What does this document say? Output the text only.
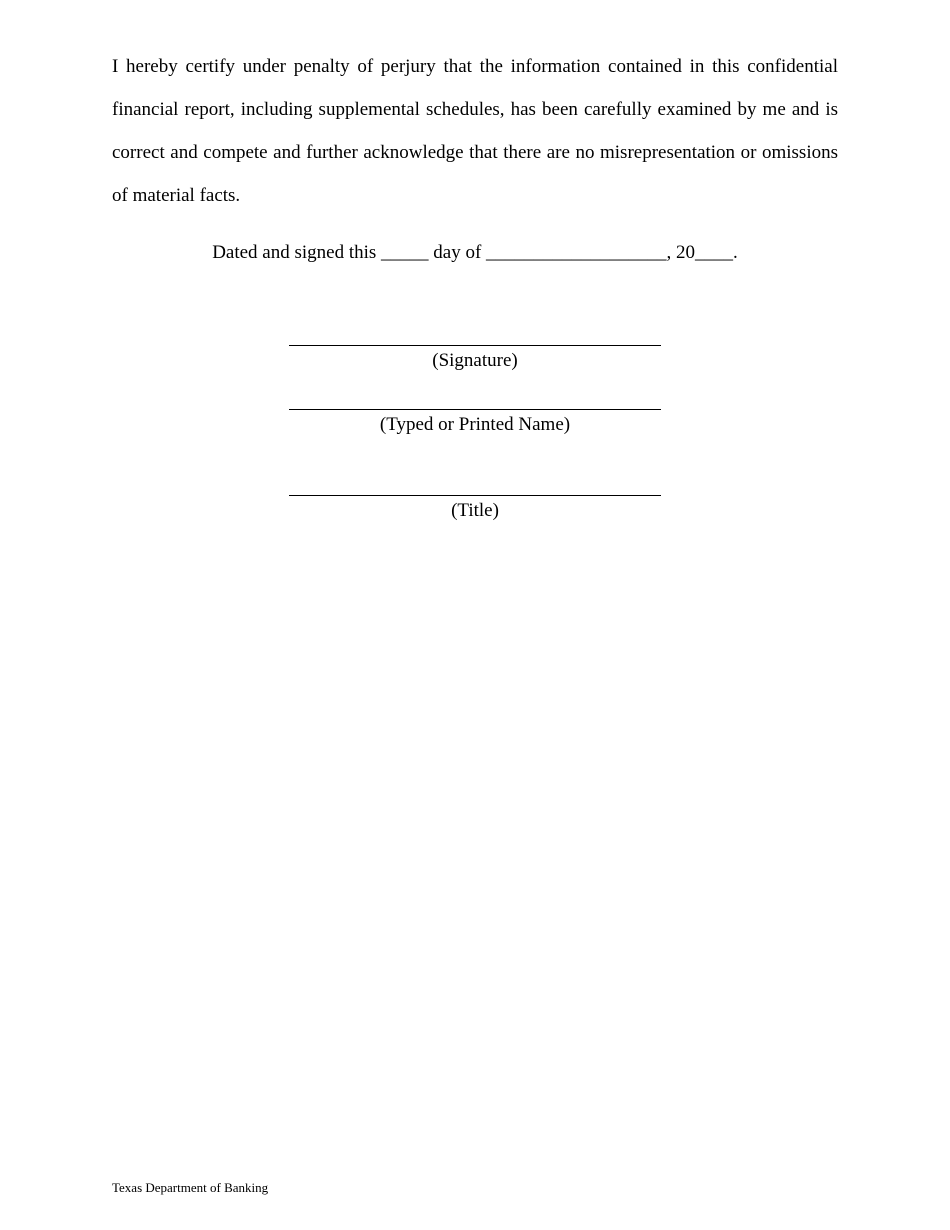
I hereby certify under penalty of perjury that the information contained in this confidential financial report, including supplemental schedules, has been carefully examined by me and is correct and compete and further acknowledge that there are no misrepresentation or omissions of material facts.

Dated and signed this _____ day of ___________________, 20____.
(Signature)
(Typed or Printed Name)
(Title)
Texas Department of Banking
